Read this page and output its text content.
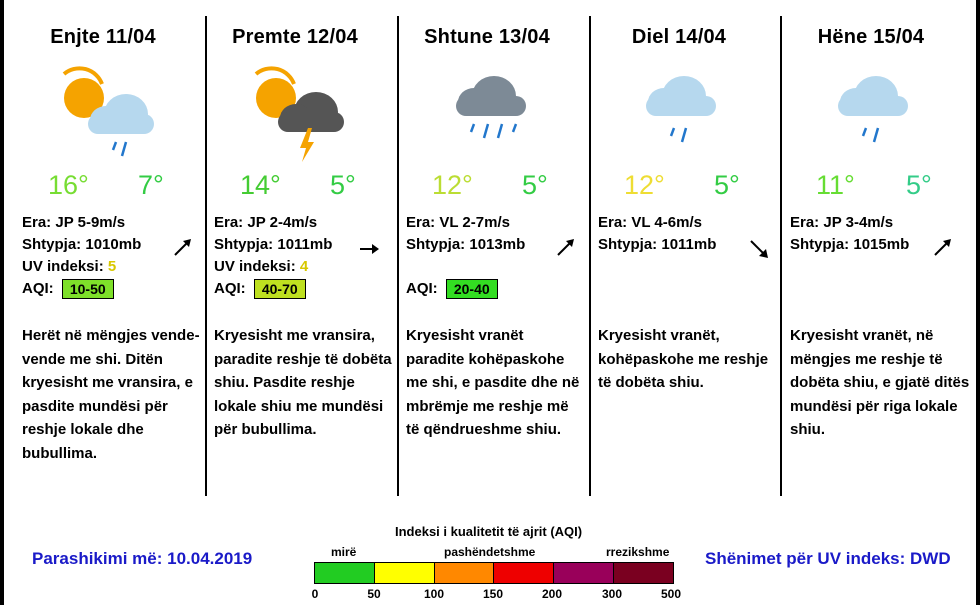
Enjte 11/04
16° 7°
Era: JP 5-9m/s
Shtypja: 1010mb
UV indeksi: 5
AQI: 10-50
Herët në mëngjes vende-vende me shi. Ditën kryesisht me vransira, e pasdite mundësi për reshje lokale dhe bubullima.
Premte 12/04
14° 5°
Era: JP 2-4m/s
Shtypja: 1011mb
UV indeksi: 4
AQI: 40-70
Kryesisht me vransira, paradite reshje të dobëta shiu. Pasdite reshje lokale shiu me mundësi për bubullima.
Shtune 13/04
12° 5°
Era: VL 2-7m/s
Shtypja: 1013mb
AQI: 20-40
Kryesisht vranët paradite kohëpaskohe me shi, e pasdite dhe në mbrëmje me reshje më të qëndrueshme shiu.
Diel 14/04
12° 5°
Era: VL 4-6m/s
Shtypja: 1011mb
Kryesisht vranët, kohëpaskohe me reshje të dobëta shiu.
Hëne 15/04
11° 5°
Era: JP 3-4m/s
Shtypja: 1015mb
Kryesisht vranët, në mëngjes me reshje të dobëta shiu, e gjatë ditës mundësi për riga lokale shiu.
Indeksi i kualitetit të ajrit (AQI)
Parashikimi më: 10.04.2019	Shënimet për UV indeks: DWD
mirë	pashëndetshme	rrezikshme
0	50	100	150	200	300	500
